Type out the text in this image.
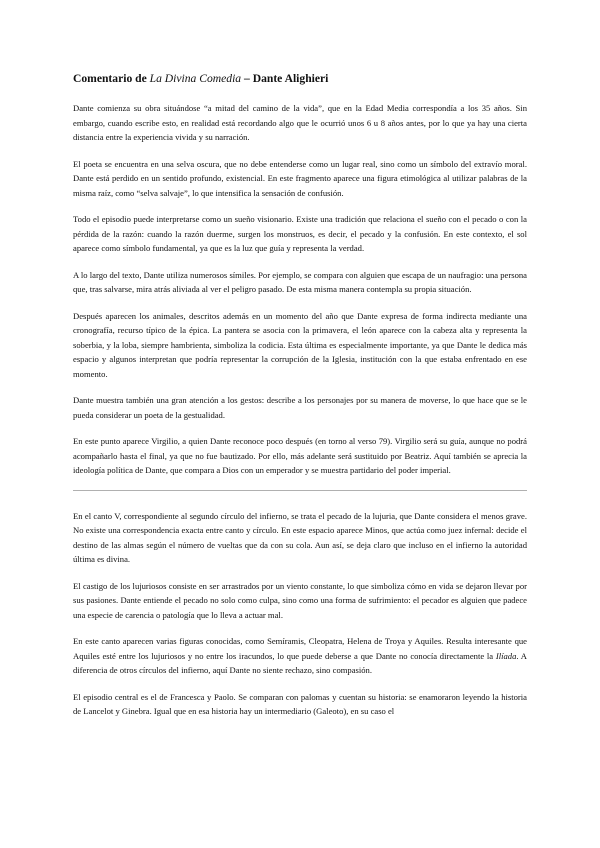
Comentario de La Divina Comedia – Dante Alighieri

Dante comienza su obra situándose “a mitad del camino de la vida”, que en la Edad Media correspondía a los 35 años. Sin embargo, cuando escribe esto, en realidad está recordando algo que le ocurrió unos 6 u 8 años antes, por lo que ya hay una cierta distancia entre la experiencia vivida y su narración.

El poeta se encuentra en una selva oscura, que no debe entenderse como un lugar real, sino como un símbolo del extravío moral. Dante está perdido en un sentido profundo, existencial. En este fragmento aparece una figura etimológica al utilizar palabras de la misma raíz, como “selva salvaje”, lo que intensifica la sensación de confusión.

Todo el episodio puede interpretarse como un sueño visionario. Existe una tradición que relaciona el sueño con el pecado o con la pérdida de la razón: cuando la razón duerme, surgen los monstruos, es decir, el pecado y la confusión. En este contexto, el sol aparece como símbolo fundamental, ya que es la luz que guía y representa la verdad.

A lo largo del texto, Dante utiliza numerosos símiles. Por ejemplo, se compara con alguien que escapa de un naufragio: una persona que, tras salvarse, mira atrás aliviada al ver el peligro pasado. De esta misma manera contempla su propia situación.

Después aparecen los animales, descritos además en un momento del año que Dante expresa de forma indirecta mediante una cronografía, recurso típico de la épica. La pantera se asocia con la primavera, el león aparece con la cabeza alta y representa la soberbia, y la loba, siempre hambrienta, simboliza la codicia. Esta última es especialmente importante, ya que Dante le dedica más espacio y algunos interpretan que podría representar la corrupción de la Iglesia, institución con la que estaba enfrentado en ese momento.

Dante muestra también una gran atención a los gestos: describe a los personajes por su manera de moverse, lo que hace que se le pueda considerar un poeta de la gestualidad.

En este punto aparece Virgilio, a quien Dante reconoce poco después (en torno al verso 79). Virgilio será su guía, aunque no podrá acompañarlo hasta el final, ya que no fue bautizado. Por ello, más adelante será sustituido por Beatriz. Aquí también se aprecia la ideología política de Dante, que compara a Dios con un emperador y se muestra partidario del poder imperial.

En el canto V, correspondiente al segundo círculo del infierno, se trata el pecado de la lujuria, que Dante considera el menos grave. No existe una correspondencia exacta entre canto y círculo. En este espacio aparece Minos, que actúa como juez infernal: decide el destino de las almas según el número de vueltas que da con su cola. Aun así, se deja claro que incluso en el infierno la autoridad última es divina.

El castigo de los lujuriosos consiste en ser arrastrados por un viento constante, lo que simboliza cómo en vida se dejaron llevar por sus pasiones. Dante entiende el pecado no solo como culpa, sino como una forma de sufrimiento: el pecador es alguien que padece una especie de carencia o patología que lo lleva a actuar mal.

En este canto aparecen varias figuras conocidas, como Semíramis, Cleopatra, Helena de Troya y Aquiles. Resulta interesante que Aquiles esté entre los lujuriosos y no entre los iracundos, lo que puede deberse a que Dante no conocía directamente la Ilíada. A diferencia de otros círculos del infierno, aquí Dante no siente rechazo, sino compasión.

El episodio central es el de Francesca y Paolo. Se comparan con palomas y cuentan su historia: se enamoraron leyendo la historia de Lancelot y Ginebra. Igual que en esa historia hay un intermediario (Galeoto), en su caso el
